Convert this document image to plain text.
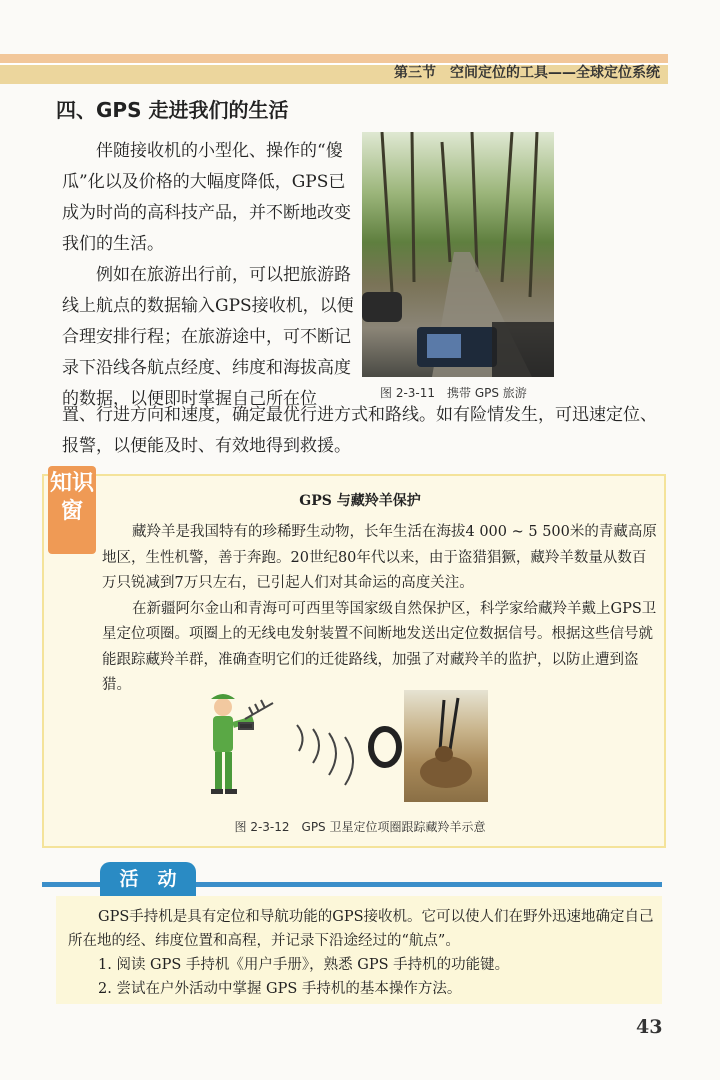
第三节　空间定位的工具——全球定位系统
四、GPS 走进我们的生活
伴随接收机的小型化、操作的“傻瓜”化以及价格的大幅度降低，GPS已成为时尚的高科技产品，并不断地改变我们的生活。
例如在旅游出行前，可以把旅游路线上航点的数据输入GPS接收机，以便合理安排行程；在旅游途中，可不断记录下沿线各航点经度、纬度和海拔高度的数据，以便即时掌握自己所在位
置、行进方向和速度，确定最优行进方式和路线。如有险情发生，可迅速定位、报警，以便能及时、有效地得到救援。
图 2-3-11　携带 GPS 旅游
知识窗	GPS 与藏羚羊保护

藏羚羊是我国特有的珍稀野生动物，长年生活在海拔4 000 ~ 5 500米的青藏高原地区，生性机警，善于奔跑。20世纪80年代以来，由于盗猎猖獗，藏羚羊数量从数百万只锐减到7万只左右，已引起人们对其命运的高度关注。

在新疆阿尔金山和青海可可西里等国家级自然保护区，科学家给藏羚羊戴上GPS卫星定位项圈。项圈上的无线电发射装置不间断地发送出定位数据信号。根据这些信号就能跟踪藏羚羊群，准确查明它们的迁徙路线，加强了对藏羚羊的监护，以防止遭到盗猎。

图 2-3-12　GPS 卫星定位项圈跟踪藏羚羊示意
活　动

GPS手持机是具有定位和导航功能的GPS接收机。它可以使人们在野外迅速地确定自己所在地的经、纬度位置和高程，并记录下沿途经过的“航点”。

1. 阅读 GPS 手持机《用户手册》，熟悉 GPS 手持机的功能键。

2. 尝试在户外活动中掌握 GPS 手持机的基本操作方法。

43
